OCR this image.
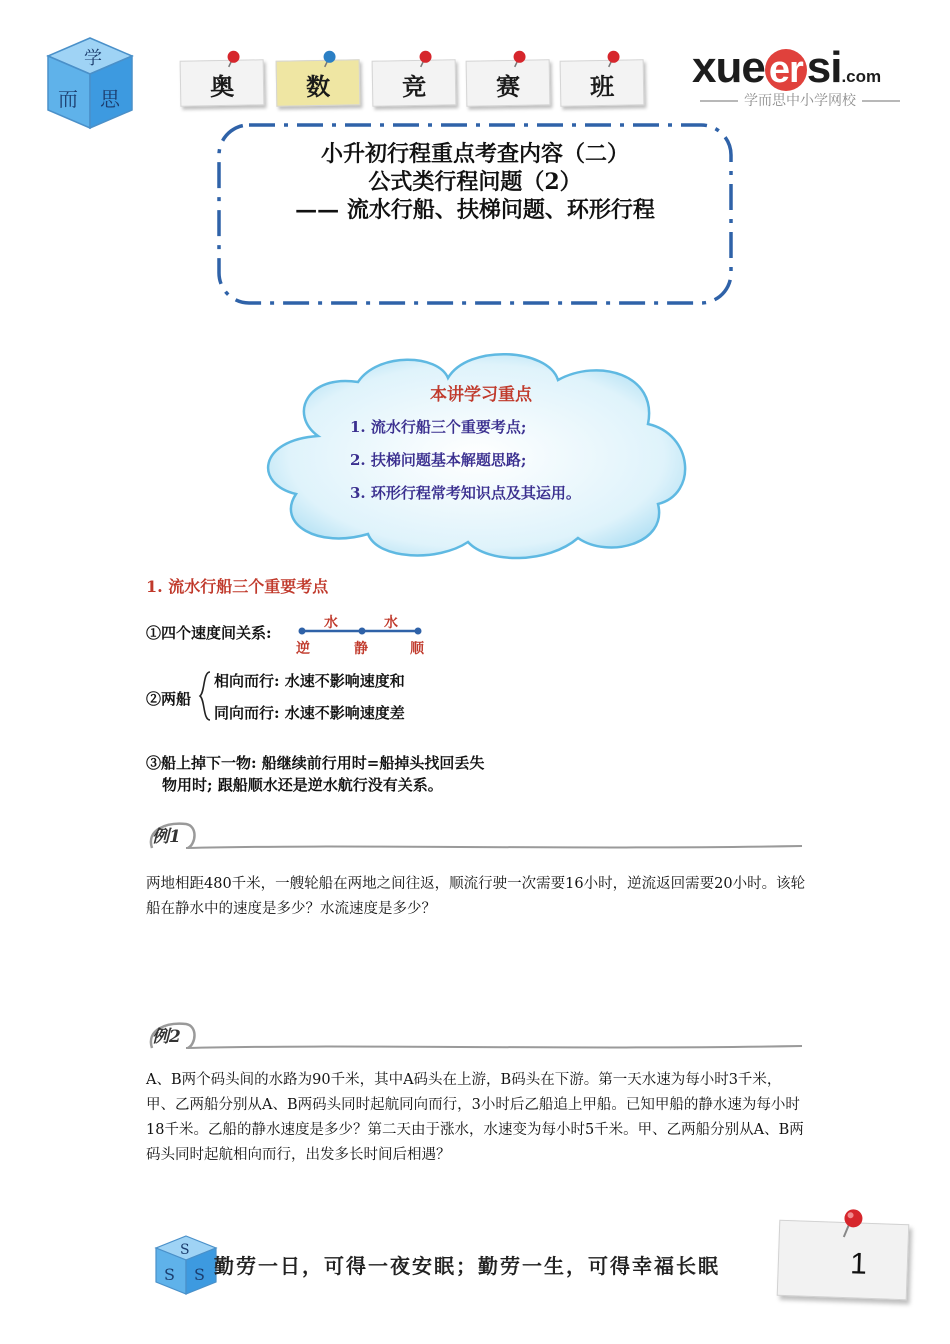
学
而 思	奥	数	竞	赛	班	xue ersi.com
学而思中小学网校
小升初行程重点考查内容（二）
公式类行程问题（2）
—— 流水行船、扶梯问题、环形行程
本讲学习重点
1. 流水行船三个重要考点;
2. 扶梯问题基本解题思路;
3. 环形行程常考知识点及其运用。
1. 流水行船三个重要考点
①四个速度间关系:
水	水
逆	静	顺
②两船
相向而行: 水速不影响速度和
同向而行: 水速不影响速度差
③船上掉下一物: 船继续前行用时=船掉头找回丢失
物用时; 跟船顺水还是逆水航行没有关系。
例1
两地相距480千米，一艘轮船在两地之间往返，顺流行驶一次需要16小时，逆流返回需要20小时。该轮船在静水中的速度是多少？水流速度是多少？
例2
A、B两个码头间的水路为90千米，其中A码头在上游，B码头在下游。第一天水速为每小时3千米，甲、乙两船分别从A、B两码头同时起航同向而行，3小时后乙船追上甲船。已知甲船的静水速为每小时18千米。乙船的静水速度是多少？第二天由于涨水，水速变为每小时5千米。甲、乙两船分别从A、B两码头同时起航相向而行，出发多长时间后相遇？
S
S S 勤劳一日，可得一夜安眠；勤劳一生，可得幸福长眠	1
